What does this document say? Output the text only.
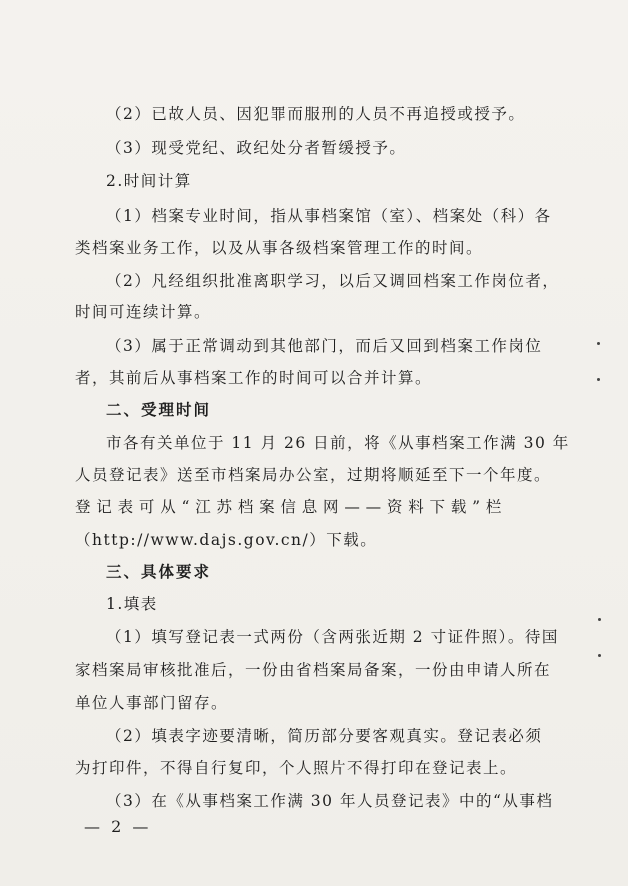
（2）已故人员、因犯罪而服刑的人员不再追授或授予。
（3）现受党纪、政纪处分者暂缓授予。
2.时间计算
（1）档案专业时间，指从事档案馆（室）、档案处（科）各
类档案业务工作，以及从事各级档案管理工作的时间。
（2）凡经组织批准离职学习，以后又调回档案工作岗位者，
时间可连续计算。
（3）属于正常调动到其他部门，而后又回到档案工作岗位
者，其前后从事档案工作的时间可以合并计算。
二、受理时间
市各有关单位于 11 月 26 日前，将《从事档案工作满 30 年
人员登记表》送至市档案局办公室，过期将顺延至下一个年度。
登记表可从“江苏档案信息网——资料下载”栏
（http://www.dajs.gov.cn/）下载。
三、具体要求
1.填表
（1）填写登记表一式两份（含两张近期 2 寸证件照）。待国
家档案局审核批准后，一份由省档案局备案，一份由申请人所在
单位人事部门留存。
（2）填表字迹要清晰，简历部分要客观真实。登记表必须
为打印件，不得自行复印，个人照片不得打印在登记表上。
（3）在《从事档案工作满 30 年人员登记表》中的“从事档
— 2 —
